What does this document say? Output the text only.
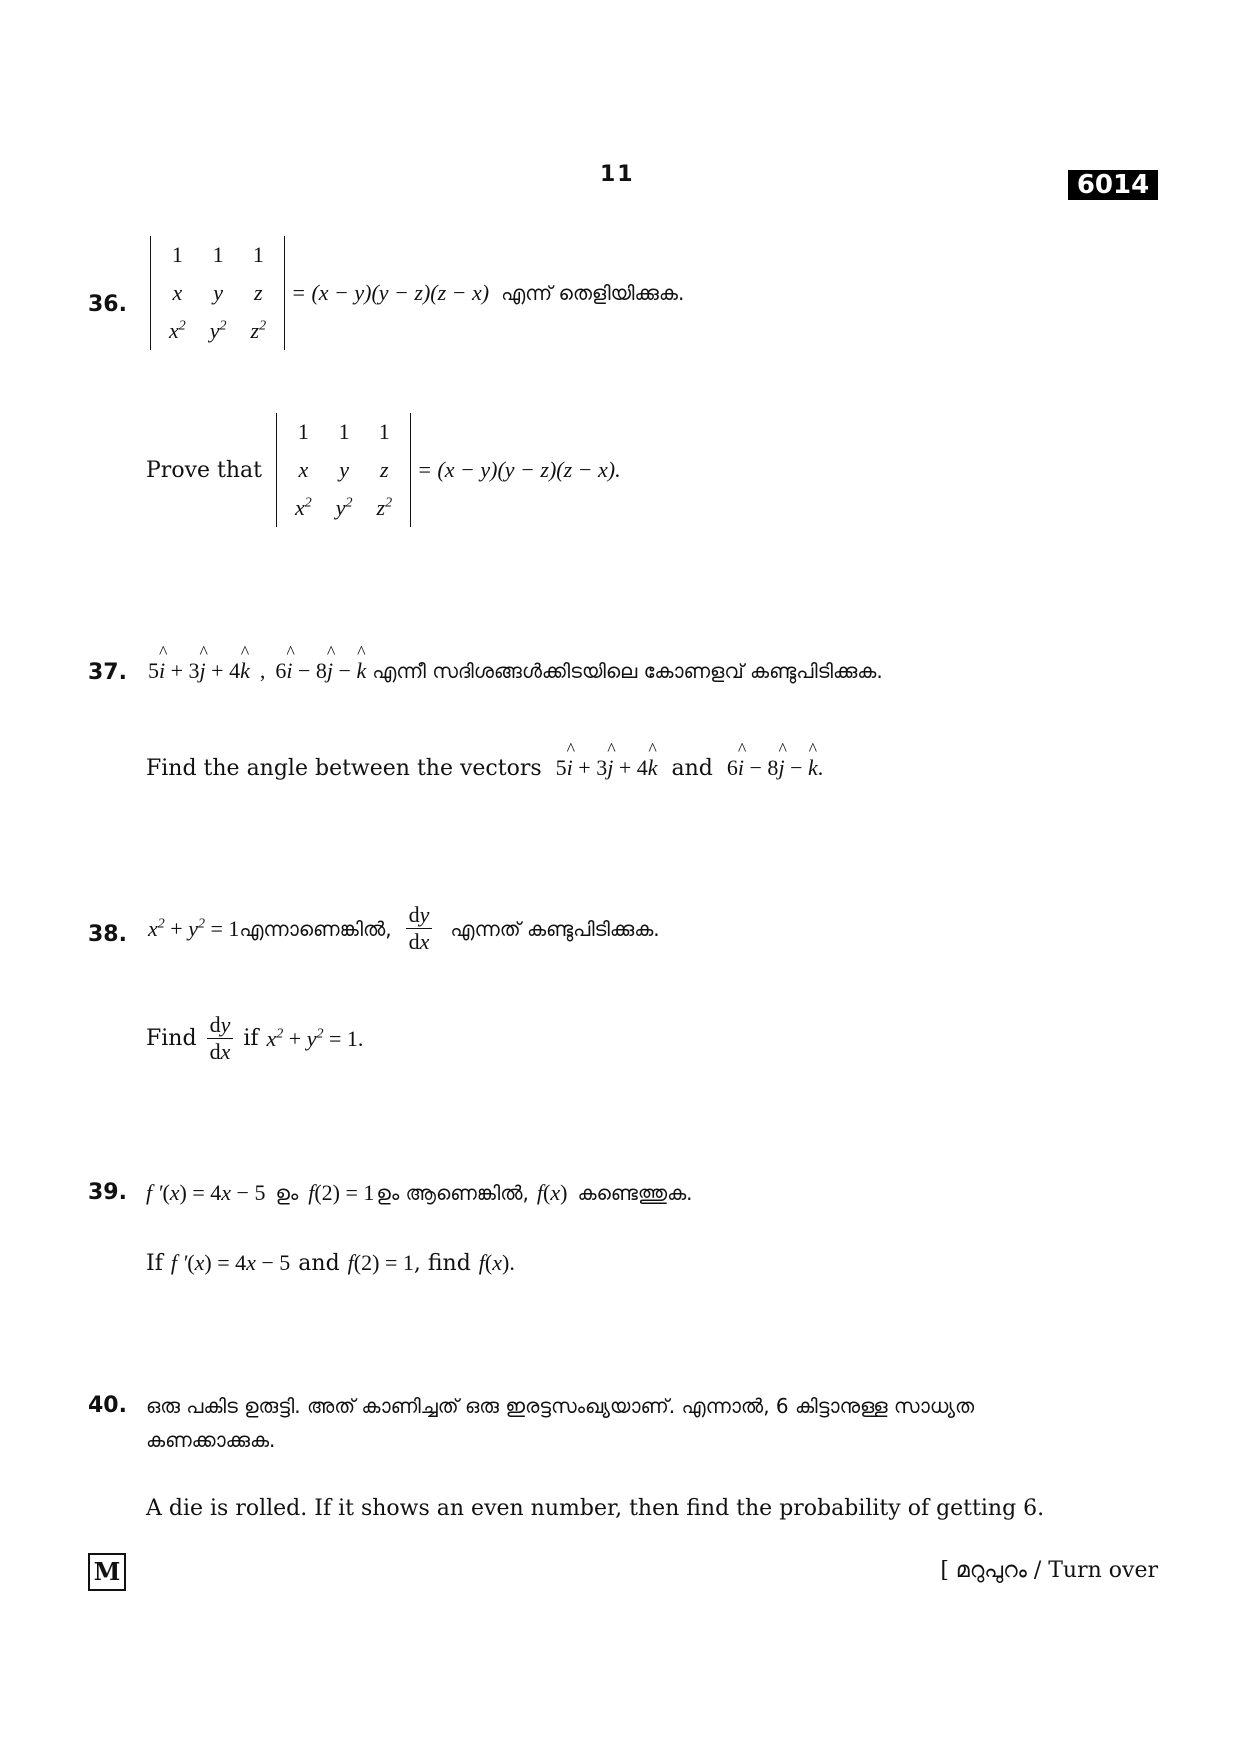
11	6014
36.
1	1	1
x	y	z
$x^2$	$y^2$	$z^2$
= (x − y)(y − z)(z − x) എന്ന് തെളിയിക്കുക.
Prove that
1	1	1
x	y	z
$x^2$	$y^2$	$z^2$
= (x − y)(y − z)(z − x).
37. 5^ i + 3^ j + 4^ k , 6^ i − 8^ j − ^ k എന്നീ സദിശങ്ങൾക്കിടയിലെ കോണളവ് കണ്ടുപിടിക്കുക.
Find the angle between the vectors 5^ i + 3^ j + 4^ k and 6^ i − 8^ j − ^ k.
38. $x^2 + y^2 = 1$ എന്നാണെങ്കിൽ, $\frac{dy}{dx}$ എന്നത് കണ്ടുപിടിക്കുക.
Find $\frac{dy}{dx}$ if $x^2 + y^2 = 1$.
39. f ′(x) = 4x − 5 ഉം f(2) = 1 ഉം ആണെങ്കിൽ, f(x) കണ്ടെത്തുക.
If f ′(x) = 4x − 5 and f(2) = 1 , find f(x).
40. ഒരു പകിട ഉരുട്ടി. അത് കാണിച്ചത് ഒരു ഇരട്ടസംഖ്യയാണ്. എന്നാൽ, 6 കിട്ടാനുള്ള സാധ്യത
കണക്കാക്കുക.
A die is rolled. If it shows an even number, then find the probability of getting 6.
M	[ മറുപുറം / Turn over
